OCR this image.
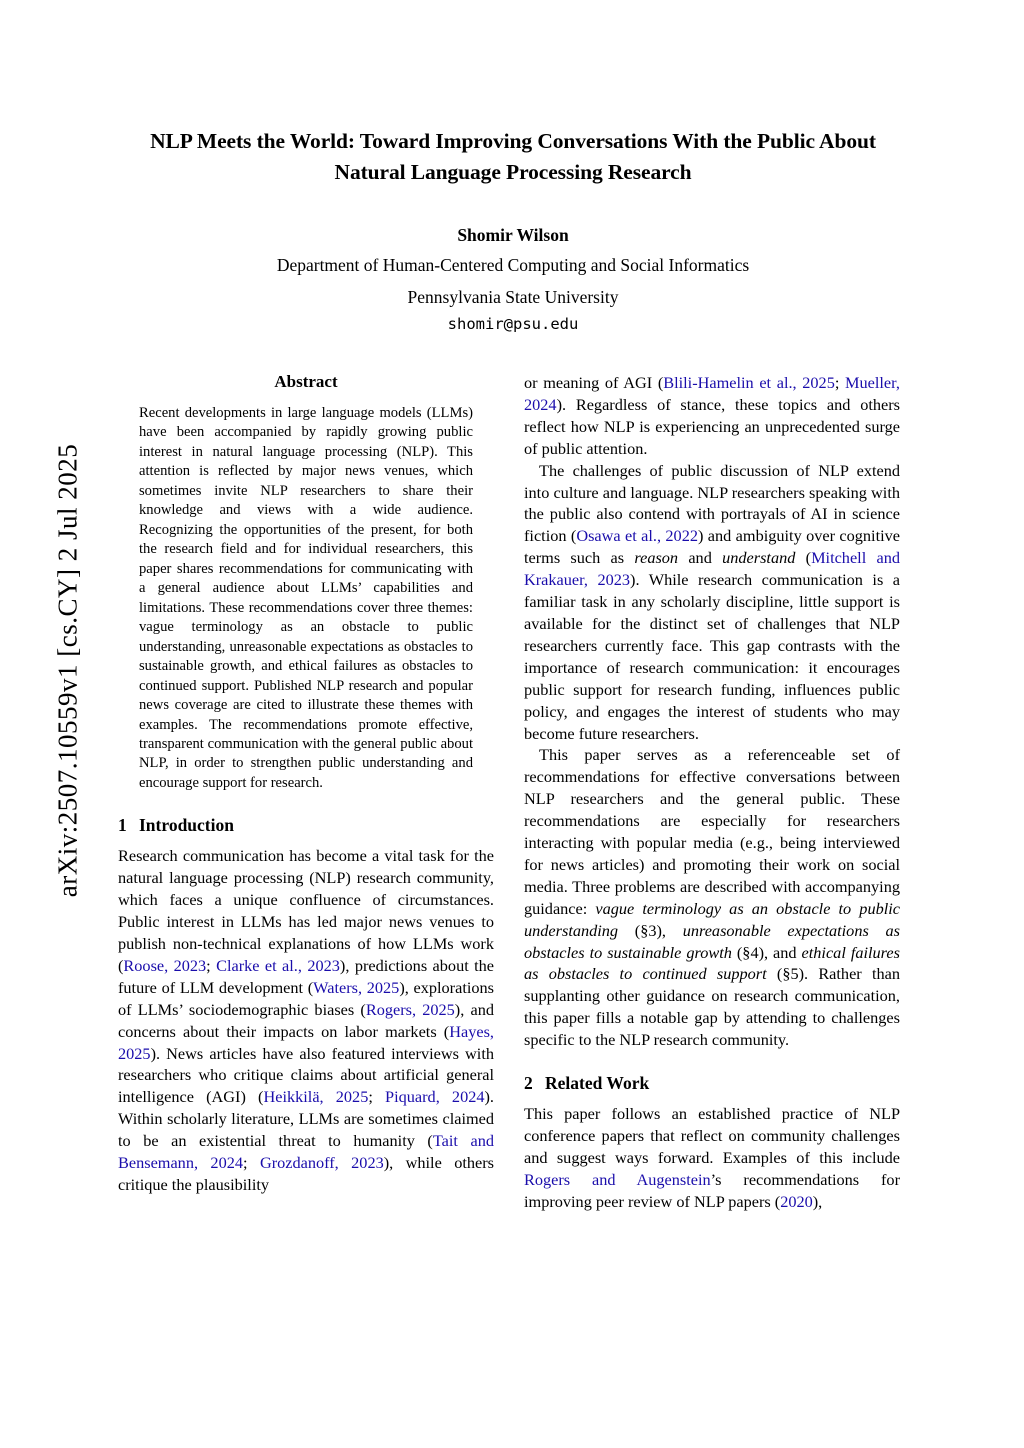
arXiv:2507.10559v1 [cs.CY] 2 Jul 2025
NLP Meets the World: Toward Improving Conversations With the Public About Natural Language Processing Research
Shomir Wilson
Department of Human-Centered Computing and Social Informatics
Pennsylvania State University
shomir@psu.edu
Abstract
Recent developments in large language models (LLMs) have been accompanied by rapidly growing public interest in natural language processing (NLP). This attention is reflected by major news venues, which sometimes invite NLP researchers to share their knowledge and views with a wide audience. Recognizing the opportunities of the present, for both the research field and for individual researchers, this paper shares recommendations for communicating with a general audience about LLMs’ capabilities and limitations. These recommendations cover three themes: vague terminology as an obstacle to public understanding, unreasonable expectations as obstacles to sustainable growth, and ethical failures as obstacles to continued support. Published NLP research and popular news coverage are cited to illustrate these themes with examples. The recommendations promote effective, transparent communication with the general public about NLP, in order to strengthen public understanding and encourage support for research.
1 Introduction

Research communication has become a vital task for the natural language processing (NLP) research community, which faces a unique confluence of circumstances. Public interest in LLMs has led major news venues to publish non-technical explanations of how LLMs work (Roose, 2023; Clarke et al., 2023), predictions about the future of LLM development (Waters, 2025), explorations of LLMs’ sociodemographic biases (Rogers, 2025), and concerns about their impacts on labor markets (Hayes, 2025). News articles have also featured interviews with researchers who critique claims about artificial general intelligence (AGI) (Heikkilä, 2025; Piquard, 2024). Within scholarly literature, LLMs are sometimes claimed to be an existential threat to humanity (Tait and Bensemann, 2024; Grozdanoff, 2023), while others critique the plausibility

or meaning of AGI (Blili-Hamelin et al., 2025; Mueller, 2024). Regardless of stance, these topics and others reflect how NLP is experiencing an unprecedented surge of public attention.

The challenges of public discussion of NLP extend into culture and language. NLP researchers speaking with the public also contend with portrayals of AI in science fiction (Osawa et al., 2022) and ambiguity over cognitive terms such as reason and understand (Mitchell and Krakauer, 2023). While research communication is a familiar task in any scholarly discipline, little support is available for the distinct set of challenges that NLP researchers currently face. This gap contrasts with the importance of research communication: it encourages public support for research funding, influences public policy, and engages the interest of students who may become future researchers.

This paper serves as a referenceable set of recommendations for effective conversations between NLP researchers and the general public. These recommendations are especially for researchers interacting with popular media (e.g., being interviewed for news articles) and promoting their work on social media. Three problems are described with accompanying guidance: vague terminology as an obstacle to public understanding (§3), unreasonable expectations as obstacles to sustainable growth (§4), and ethical failures as obstacles to continued support (§5). Rather than supplanting other guidance on research communication, this paper fills a notable gap by attending to challenges specific to the NLP research community.

2 Related Work

This paper follows an established practice of NLP conference papers that reflect on community challenges and suggest ways forward. Examples of this include Rogers and Augenstein’s recommendations for improving peer review of NLP papers (2020),
